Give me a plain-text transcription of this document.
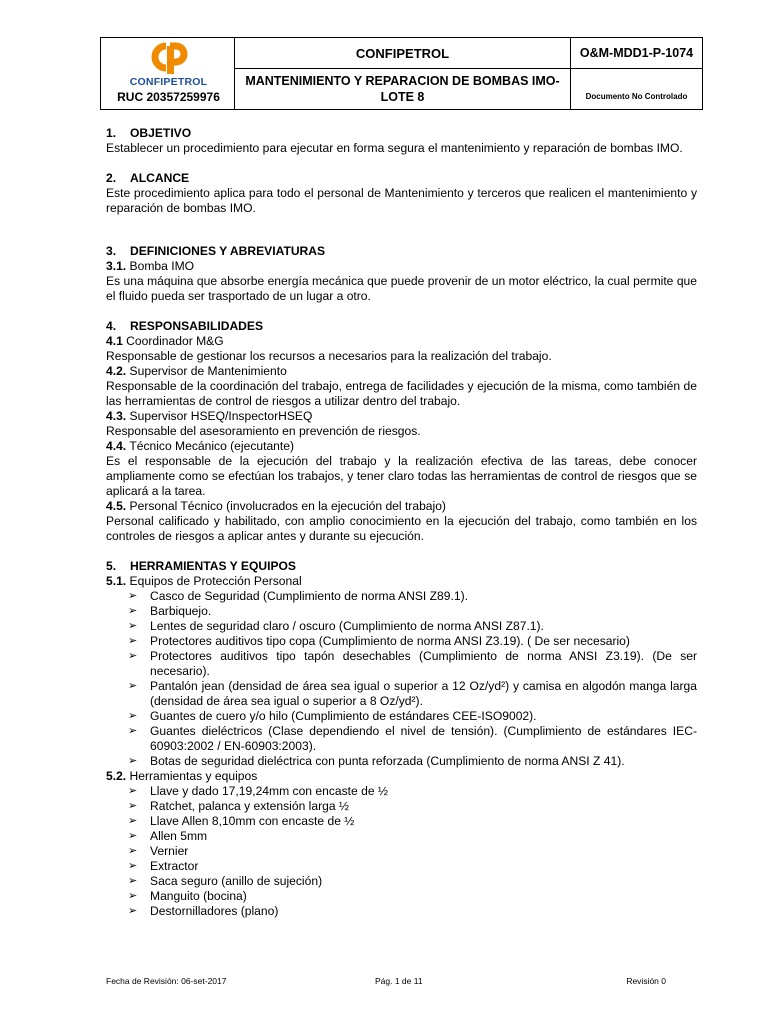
CONFIPETROL
RUC 20357259976
CONFIPETROL	O&M-MDD1-P-1074
MANTENIMIENTO Y REPARACION DE BOMBAS IMO- LOTE 8	Documento No Controlado

1. OBJETIVO

Establecer un procedimiento para ejecutar en forma segura el mantenimiento y reparación de bombas IMO.

2. ALCANCE

Este procedimiento aplica para todo el personal de Mantenimiento y terceros que realicen el mantenimiento y reparación de bombas IMO.

3. DEFINICIONES Y ABREVIATURAS

3.1. Bomba IMO

Es una máquina que absorbe energía mecánica que puede provenir de un motor eléctrico, la cual permite que el fluido pueda ser trasportado de un lugar a otro.

4. RESPONSABILIDADES

4.1 Coordinador M&G

Responsable de gestionar los recursos a necesarios para la realización del trabajo.

4.2. Supervisor de Mantenimiento

Responsable de la coordinación del trabajo, entrega de facilidades y ejecución de la misma, como también de las herramientas de control de riesgos a utilizar dentro del trabajo.

4.3. Supervisor HSEQ/InspectorHSEQ

Responsable del asesoramiento en prevención de riesgos.

4.4. Técnico Mecánico (ejecutante)

Es el responsable de la ejecución del trabajo y la realización efectiva de las tareas, debe conocer ampliamente como se efectúan los trabajos, y tener claro todas las herramientas de control de riesgos que se aplicará a la tarea.

4.5. Personal Técnico (involucrados en la ejecución del trabajo)

Personal calificado y habilitado, con amplio conocimiento en la ejecución del trabajo, como también en los controles de riesgos a aplicar antes y durante su ejecución.

5. HERRAMIENTAS Y EQUIPOS

5.1. Equipos de Protección Personal

➢ Casco de Seguridad (Cumplimiento de norma ANSI Z89.1).
➢ Barbiquejo.
➢ Lentes de seguridad claro / oscuro (Cumplimiento de norma ANSI Z87.1).
➢ Protectores auditivos tipo copa (Cumplimiento de norma ANSI Z3.19). ( De ser necesario)
➢ Protectores auditivos tipo tapón desechables (Cumplimiento de norma ANSI Z3.19). (De ser necesario).
➢ Pantalón jean (densidad de área sea igual o superior a 12 Oz/yd²) y camisa en algodón manga larga (densidad de área sea igual o superior a 8 Oz/yd²).
➢ Guantes de cuero y/o hilo (Cumplimiento de estándares CEE-ISO9002).
➢ Guantes dieléctricos (Clase dependiendo el nivel de tensión). (Cumplimiento de estándares IEC-60903:2002 / EN-60903:2003).
➢ Botas de seguridad dieléctrica con punta reforzada (Cumplimiento de norma ANSI Z 41).

5.2. Herramientas y equipos

➢ Llave y dado 17,19,24mm con encaste de ½
➢ Ratchet, palanca y extensión larga ½
➢ Llave Allen 8,10mm con encaste de ½
➢ Allen 5mm
➢ Vernier
➢ Extractor
➢ Saca seguro (anillo de sujeción)
➢ Manguito (bocina)
➢ Destornilladores (plano)
Fecha de Revisión: 06-set-2017	Pág. 1 de 11	Revisión 0
